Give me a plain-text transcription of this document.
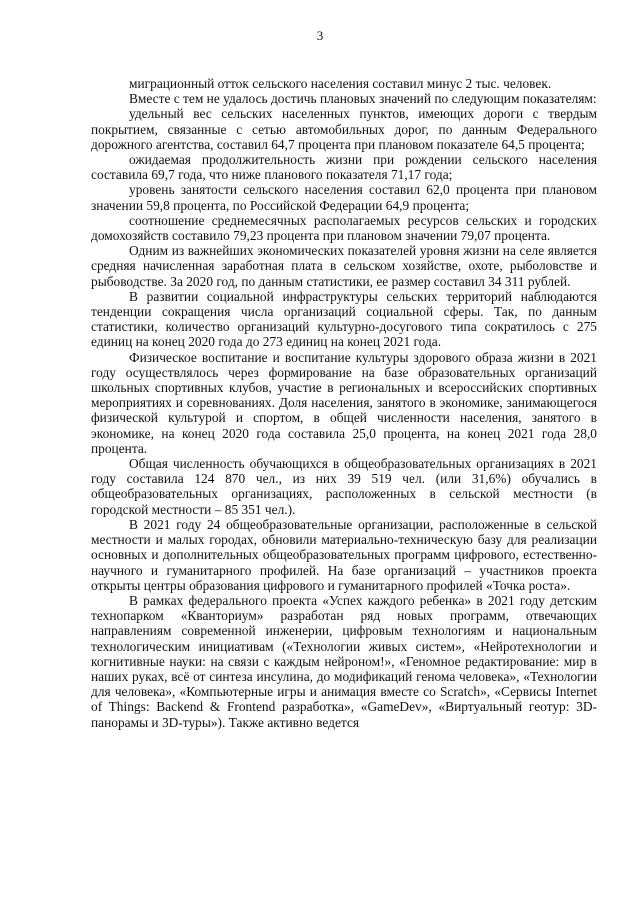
3

миграционный отток сельского населения составил минус 2 тыс. человек.

Вместе с тем не удалось достичь плановых значений по следующим показателям:

удельный вес сельских населенных пунктов, имеющих дороги с твердым покрытием, связанные с сетью автомобильных дорог, по данным Федерального дорожного агентства, составил 64,7 процента при плановом показателе 64,5 процента;

ожидаемая продолжительность жизни при рождении сельского населения составила 69,7 года, что ниже планового показателя 71,17 года;

уровень занятости сельского населения составил 62,0 процента при плановом значении 59,8 процента, по Российской Федерации 64,9 процента;

соотношение среднемесячных располагаемых ресурсов сельских и городских домохозяйств составило 79,23 процента при плановом значении 79,07 процента.

Одним из важнейших экономических показателей уровня жизни на селе является средняя начисленная заработная плата в сельском хозяйстве, охоте, рыболовстве и рыбоводстве. За 2020 год, по данным статистики, ее размер составил 34 311 рублей.

В развитии социальной инфраструктуры сельских территорий наблюдаются тенденции сокращения числа организаций социальной сферы. Так, по данным статистики, количество организаций культурно-досугового типа сократилось с 275 единиц на конец 2020 года до 273 единиц на конец 2021 года.

Физическое воспитание и воспитание культуры здорового образа жизни в 2021 году осуществлялось через формирование на базе образовательных организаций школьных спортивных клубов, участие в региональных и всероссийских спортивных мероприятиях и соревнованиях. Доля населения, занятого в экономике, занимающегося физической культурой и спортом, в общей численности населения, занятого в экономике, на конец 2020 года составила 25,0 процента, на конец 2021 года 28,0 процента.

Общая численность обучающихся в общеобразовательных организациях в 2021 году составила 124 870 чел., из них 39 519 чел. (или 31,6%) обучались в общеобразовательных организациях, расположенных в сельской местности (в городской местности – 85 351 чел.).

В 2021 году 24 общеобразовательные организации, расположенные в сельской местности и малых городах, обновили материально-техническую базу для реализации основных и дополнительных общеобразовательных программ цифрового, естественно-научного и гуманитарного профилей. На базе организаций – участников проекта открыты центры образования цифрового и гуманитарного профилей «Точка роста».

В рамках федерального проекта «Успех каждого ребенка» в 2021 году детским технопарком «Кванториум» разработан ряд новых программ, отвечающих направлениям современной инженерии, цифровым технологиям и национальным технологическим инициативам («Технологии живых систем», «Нейротехнологии и когнитивные науки: на связи с каждым нейроном!», «Геномное редактирование: мир в наших руках, всё от синтеза инсулина, до модификаций генома человека», «Технологии для человека», «Компьютерные игры и анимация вместе со Scratch», «Сервисы Internet of Things: Backend & Frontend разработка», «GameDev», «Виртуальный геотур: 3D-панорамы и 3D-туры»). Также активно ведется
